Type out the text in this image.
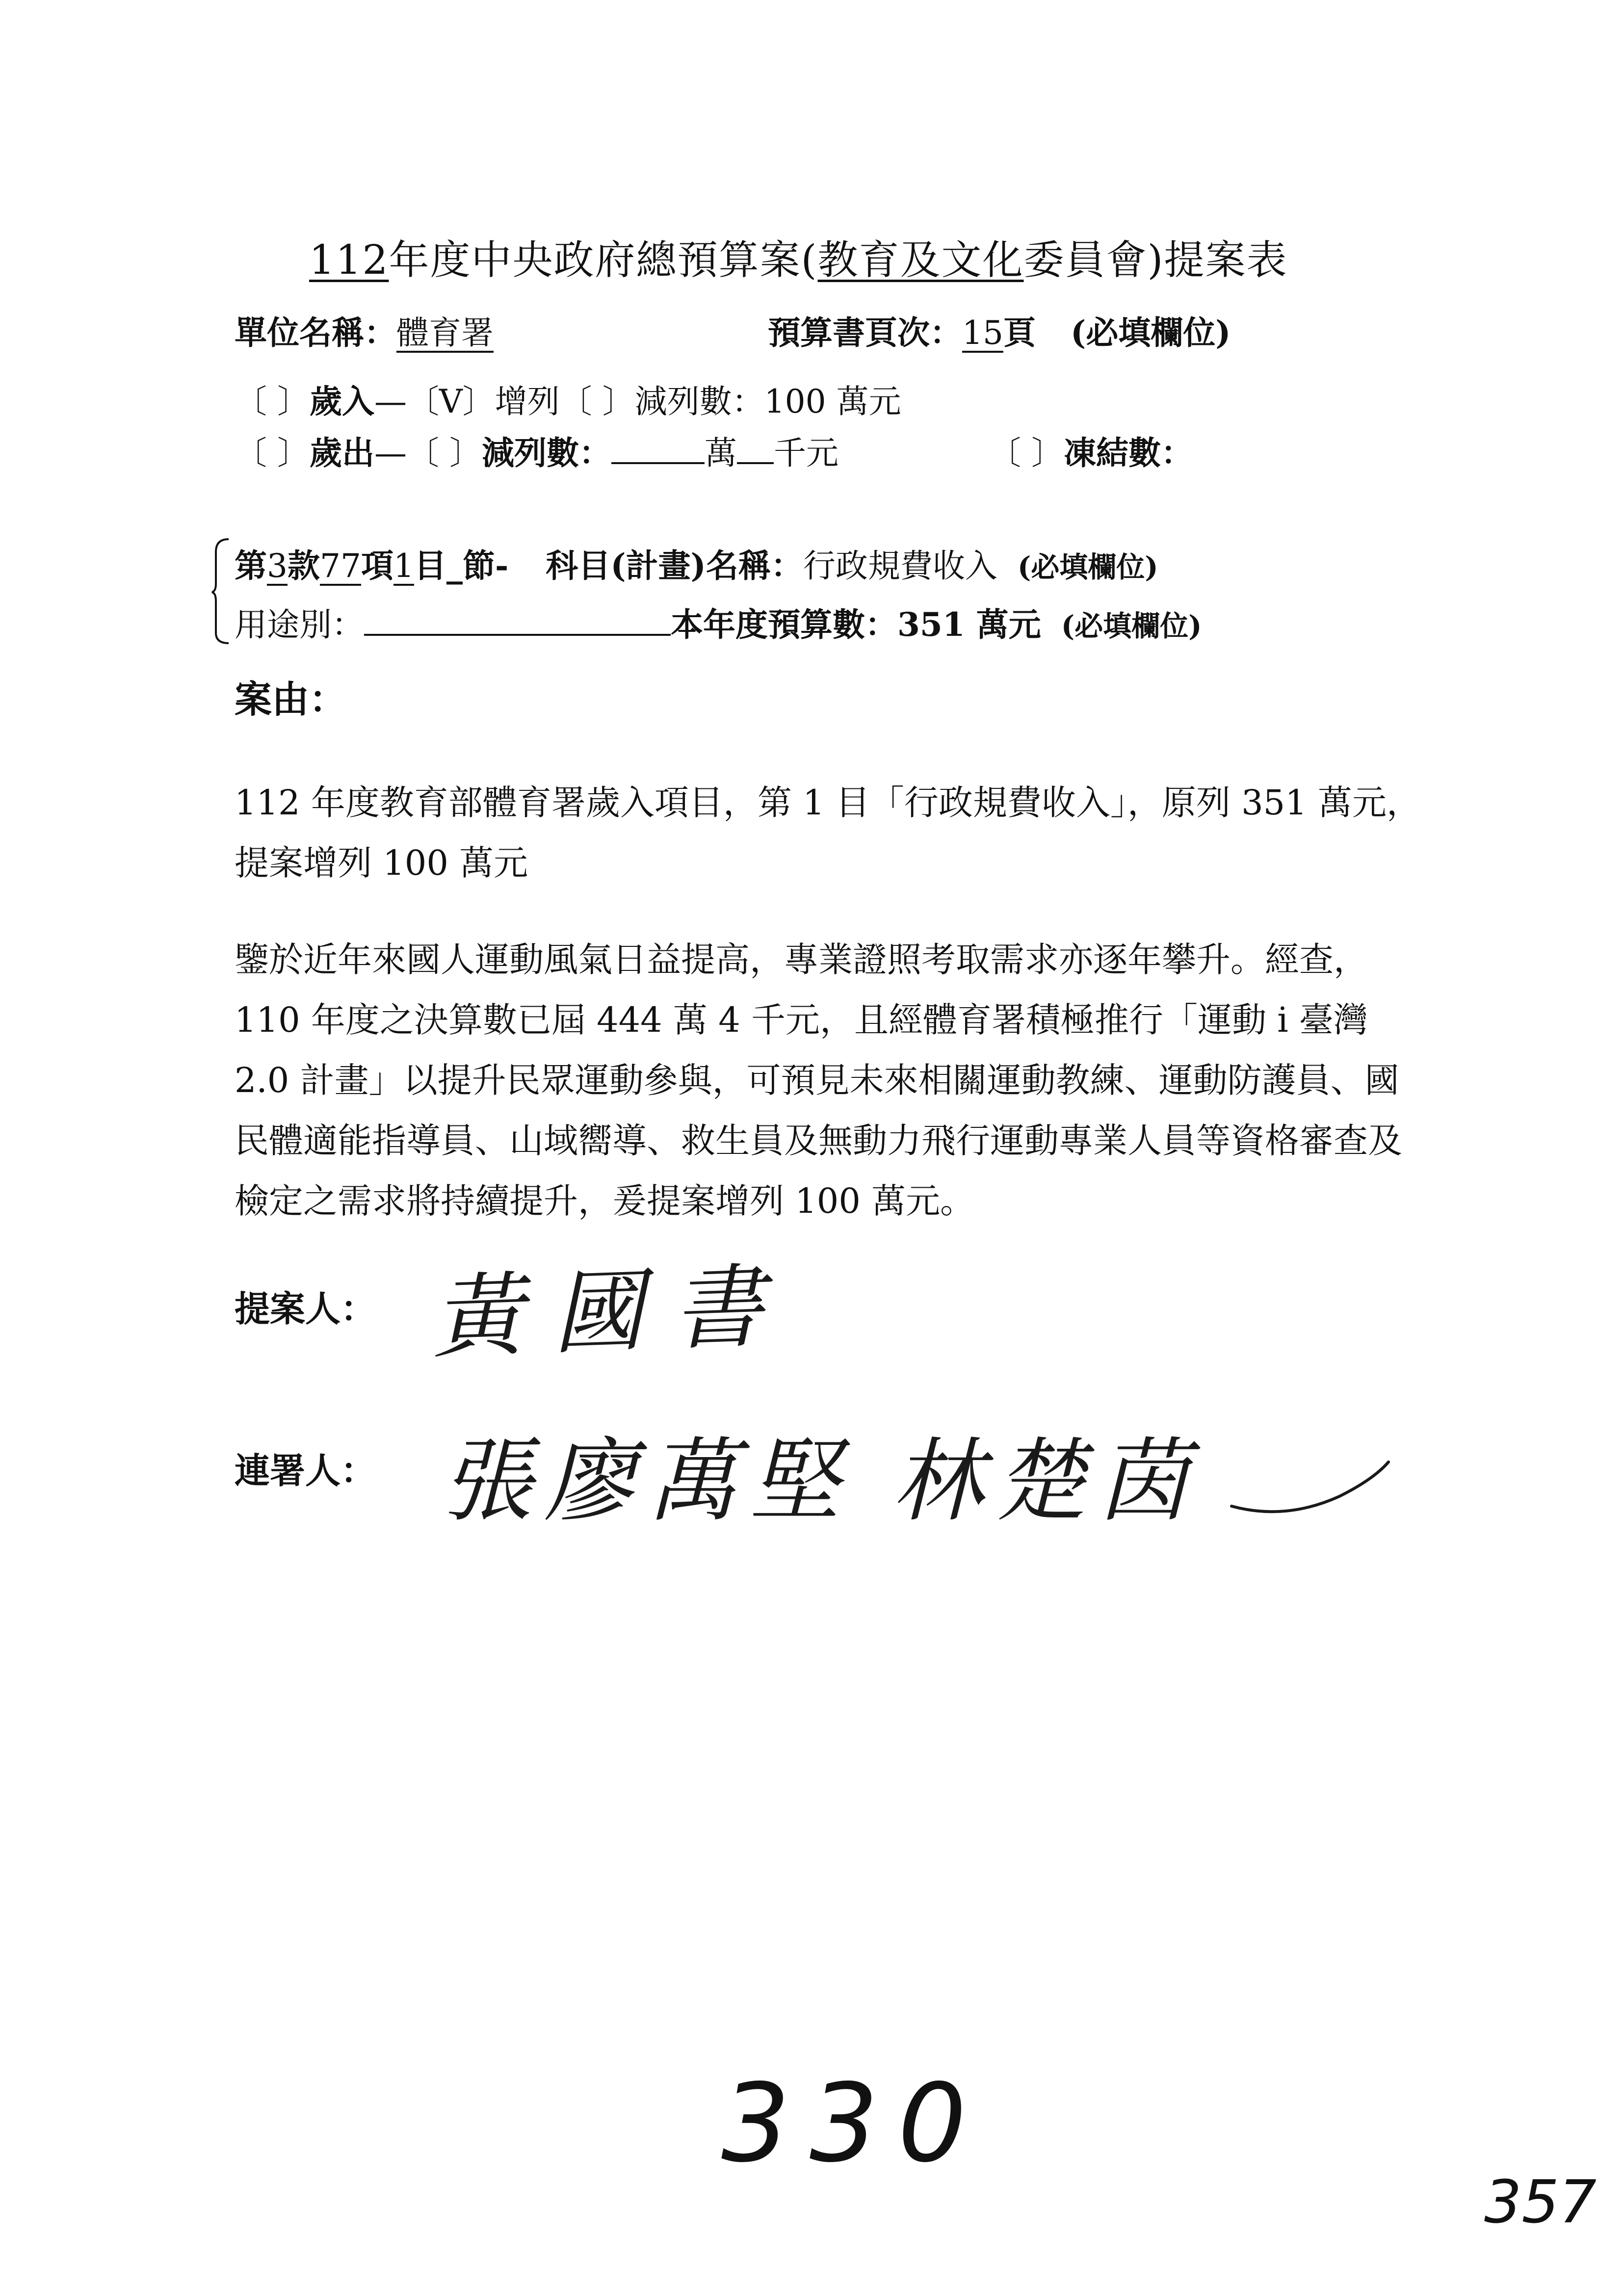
112年度中央政府總預算案(教育及文化委員會)提案表
單位名稱：體育署	預算書頁次：15頁 (必填欄位)
〔 〕歲入—〔V〕增列〔 〕減列數：100 萬元
〔 〕歲出—〔 〕減列數：	萬 千元	〔 〕凍結數：
第3款77項1目_節- 科目(計畫)名稱：行政規費收入 (必填欄位)
用途別：	本年度預算數：351 萬元 (必填欄位)
案由：
112 年度教育部體育署歲入項目，第 1 目「行政規費收入」，原列 351 萬元，提案增列 100 萬元
鑒於近年來國人運動風氣日益提高，專業證照考取需求亦逐年攀升。經查，110 年度之決算數已屆 444 萬 4 千元，且經體育署積極推行「運動 i 臺灣 2.0 計畫」以提升民眾運動參與，可預見未來相關運動教練、運動防護員、國民體適能指導員、山域嚮導、救生員及無動力飛行運動專業人員等資格審查及檢定之需求將持續提升，爰提案增列 100 萬元。
提案人： 黃國書
連署人： 張廖萬堅 林楚茵
330
357
